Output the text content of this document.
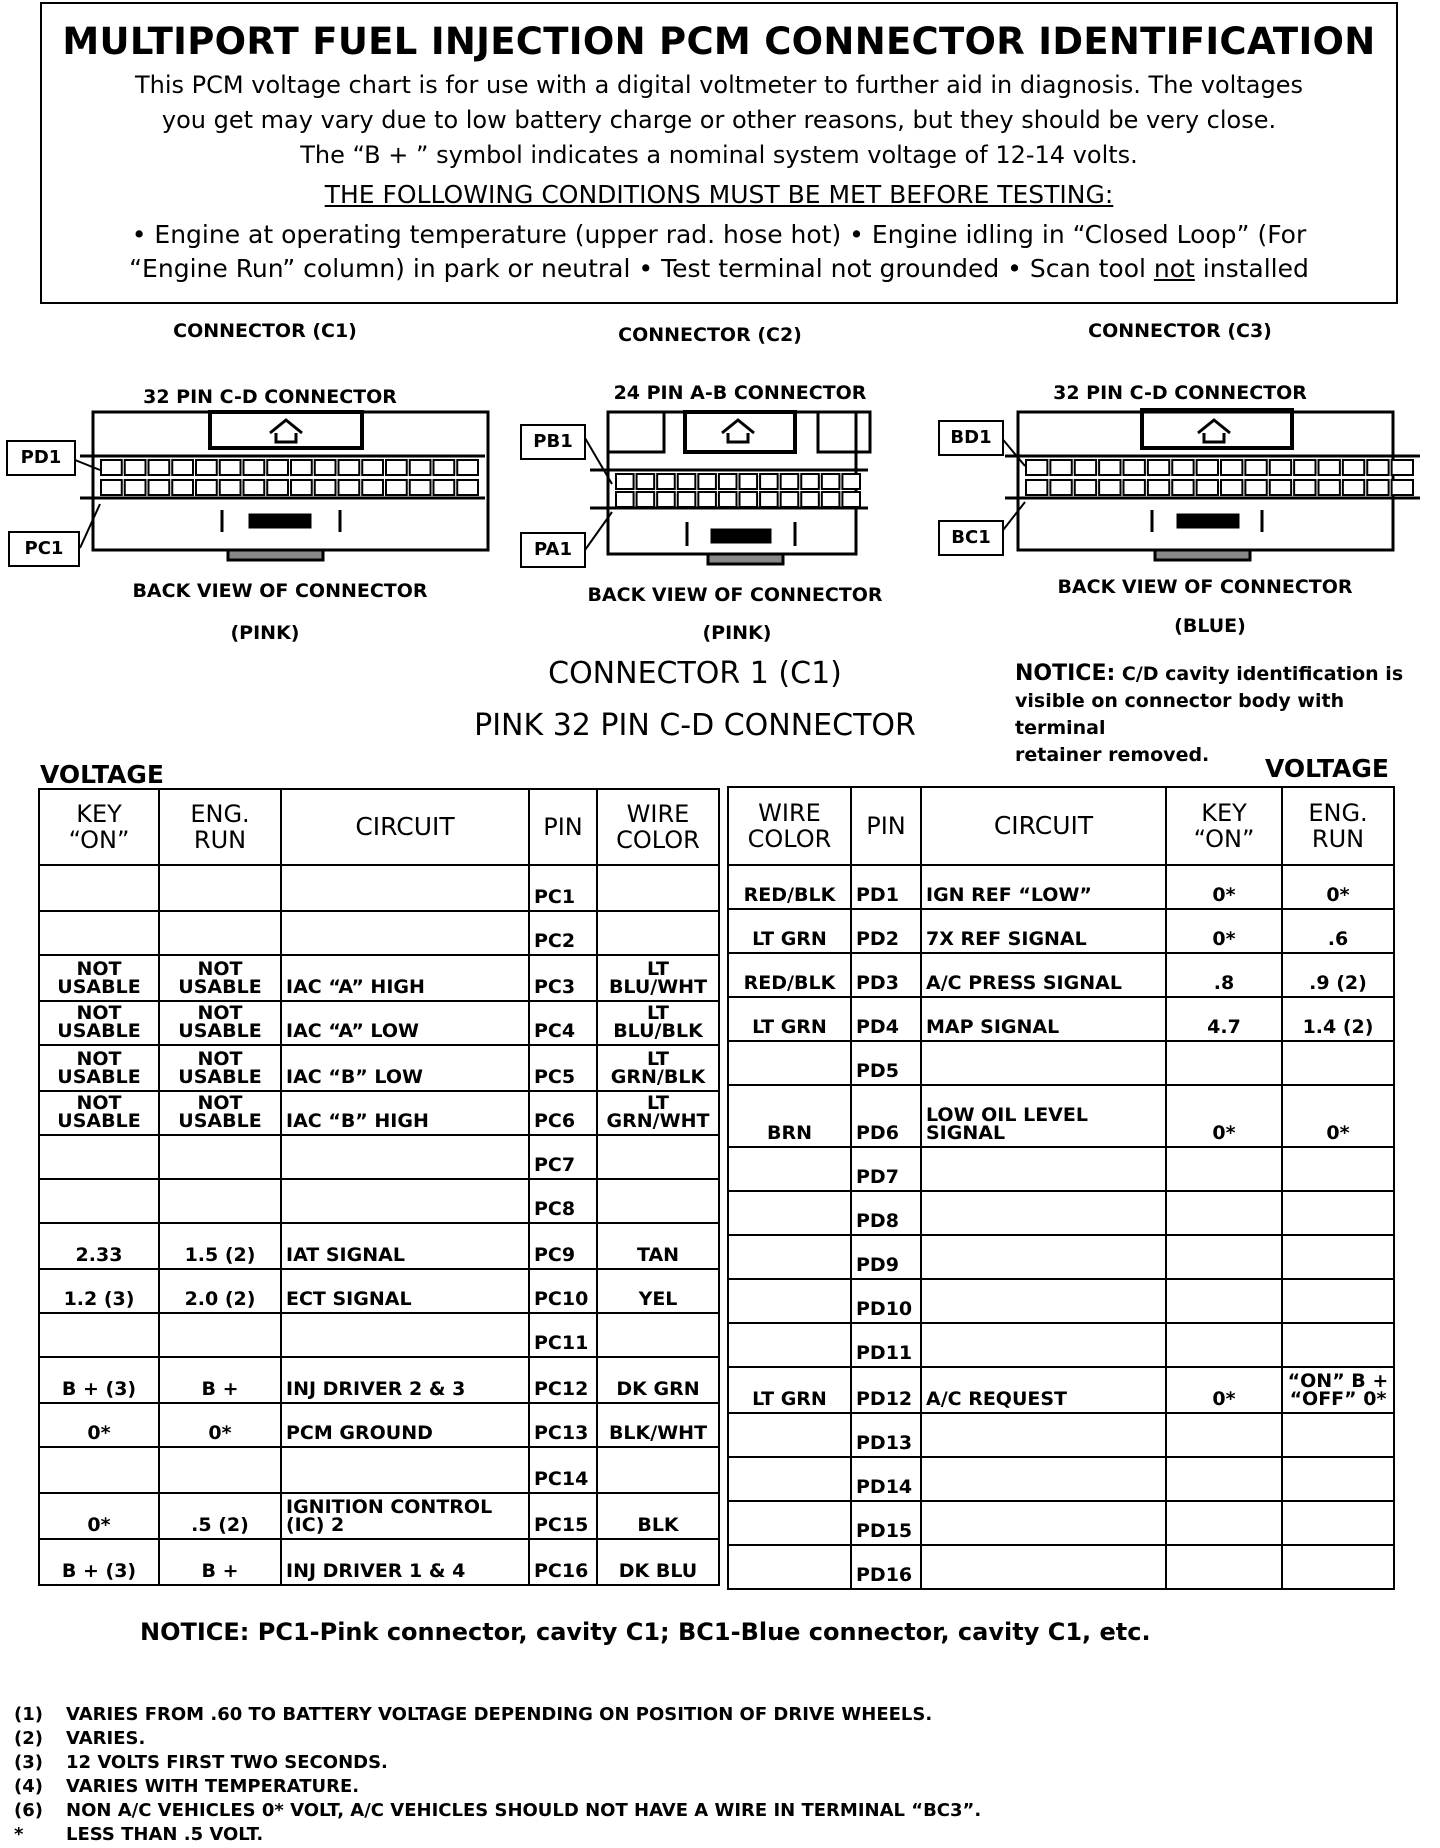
MULTIPORT FUEL INJECTION PCM CONNECTOR IDENTIFICATION
This PCM voltage chart is for use with a digital voltmeter to further aid in diagnosis. The voltages
you get may vary due to low battery charge or other reasons, but they should be very close.
The “B + ” symbol indicates a nominal system voltage of 12-14 volts.
THE FOLLOWING CONDITIONS MUST BE MET BEFORE TESTING:
• Engine at operating temperature (upper rad. hose hot) • Engine idling in “Closed Loop” (For
“Engine Run” column) in park or neutral • Test terminal not grounded • Scan tool not installed
CONNECTOR (C1)	CONNECTOR (C2)	CONNECTOR (C3)
32 PIN C-D CONNECTOR	24 PIN A-B CONNECTOR	32 PIN C-D CONNECTOR
PD1
PC1
PB1
PA1
BD1
BC1
BACK VIEW OF CONNECTOR	BACK VIEW OF CONNECTOR	BACK VIEW OF CONNECTOR
(PINK)	(PINK)	(BLUE)
CONNECTOR 1 (C1)
PINK 32 PIN C-D CONNECTOR
NOTICE: C/D cavity identification is
visible on connector body with terminal
retainer removed.
VOLTAGE	VOLTAGE
KEY “ON”	ENG. RUN	CIRCUIT	PIN	WIRE COLOR
			PC1	
			PC2	
NOT USABLE	NOT USABLE	IAC “A” HIGH	PC3	LT BLU/WHT
NOT USABLE	NOT USABLE	IAC “A” LOW	PC4	LT BLU/BLK
NOT USABLE	NOT USABLE	IAC “B” LOW	PC5	LT GRN/BLK
NOT USABLE	NOT USABLE	IAC “B” HIGH	PC6	LT GRN/WHT
			PC7	
			PC8	
2.33	1.5 (2)	IAT SIGNAL	PC9	TAN
1.2 (3)	2.0 (2)	ECT SIGNAL	PC10	YEL
			PC11	
B + (3)	B +	INJ DRIVER 2 & 3	PC12	DK GRN
0*	0*	PCM GROUND	PC13	BLK/WHT
			PC14	
0*	.5 (2)	IGNITION CONTROL (IC) 2	PC15	BLK
B + (3)	B +	INJ DRIVER 1 & 4	PC16	DK BLU
WIRE COLOR	PIN	CIRCUIT	KEY “ON”	ENG. RUN
RED/BLK	PD1	IGN REF “LOW”	0*	0*
LT GRN	PD2	7X REF SIGNAL	0*	.6
RED/BLK	PD3	A/C PRESS SIGNAL	.8	.9 (2)
LT GRN	PD4	MAP SIGNAL	4.7	1.4 (2)
	PD5			
BRN	PD6	LOW OIL LEVEL SIGNAL	0*	0*
	PD7			
	PD8			
	PD9			
	PD10			
	PD11			
LT GRN	PD12	A/C REQUEST	0*	“ON” B + “OFF” 0*
	PD13			
	PD14			
	PD15			
	PD16			
NOTICE: PC1-Pink connector, cavity C1; BC1-Blue connector, cavity C1, etc.
(1) VARIES FROM .60 TO BATTERY VOLTAGE DEPENDING ON POSITION OF DRIVE WHEELS.
(2) VARIES.
(3) 12 VOLTS FIRST TWO SECONDS.
(4) VARIES WITH TEMPERATURE.
(6) NON A/C VEHICLES 0* VOLT, A/C VEHICLES SHOULD NOT HAVE A WIRE IN TERMINAL “BC3”.
* LESS THAN .5 VOLT.
